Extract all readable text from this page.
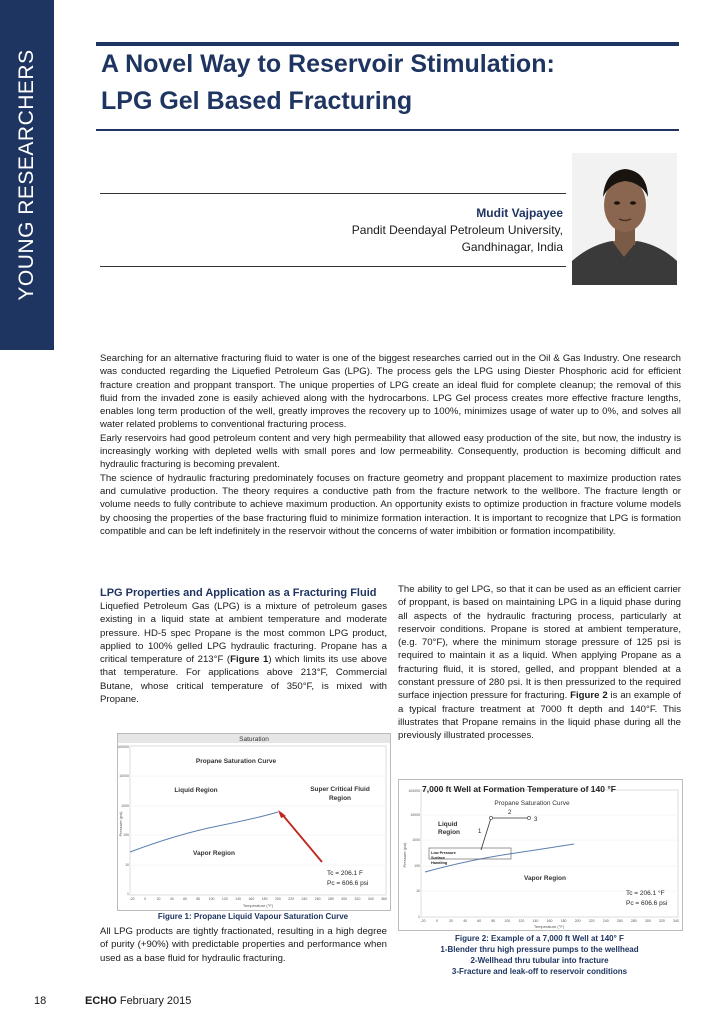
YOUNG RESEARCHERS	A Novel Way to Reservoir Stimulation:
LPG Gel Based Fracturing
Mudit Vajpayee
Pandit Deendayal Petroleum University,
Gandhinagar, India

Searching for an alternative fracturing fluid to water is one of the biggest researches carried out in the Oil & Gas Industry. One research was conducted regarding the Liquefied Petroleum Gas (LPG). The process gels the LPG using Diester Phosphoric acid for efficient fracture creation and proppant transport. The unique properties of LPG create an ideal fluid for complete cleanup; the removal of this fluid from the invaded zone is easily achieved along with the hydrocarbons. LPG Gel process creates more effective fracture lengths, enables long term production of the well, greatly improves the recovery up to 100%, minimizes usage of water up to 0%, and solves all water related problems to conventional fracturing process.

Early reservoirs had good petroleum content and very high permeability that allowed easy production of the site, but now, the industry is increasingly working with depleted wells with small pores and low permeability. Consequently, production is becoming difficult and hydraulic fracturing is becoming prevalent.

The science of hydraulic fracturing predominately focuses on fracture geometry and proppant placement to maximize production rates and cumulative production. The theory requires a conductive path from the fracture network to the wellbore. The fracture length or volume needs to fully contribute to achieve maximum production. An opportunity exists to optimize production in fracture volume models by choosing the properties of the base fracturing fluid to minimize formation interaction. It is important to recognize that LPG is formation compatible and can be left indefinitely in the reservoir without the concerns of water imbibition or formation incompatibility.

LPG Properties and Application as a Fracturing Fluid

Liquefied Petroleum Gas (LPG) is a mixture of petroleum gases existing in a liquid state at ambient temperature and moderate pressure. HD-5 spec Propane is the most common LPG product, applied to 100% gelled LPG hydraulic fracturing. Propane has a critical temperature of 213°F (Figure 1) which limits its use above that temperature. For applications above 213°F, Commercial Butane, whose critical temperature of 350°F, is mixed with Propane.

Saturation
100000
10000
1000
100
10
1
-20	0	20	40	60	80 100 120 140 160 180 200 220 240 260 280 300 320 340 360
Temperature (°F)
Pressure (psi)
Propane Saturation Curve
Liquid Region	Super Critical Fluid
Region
Vapor Region
Tc = 206.1 F
Pc = 606.6 psi
Figure 1: Propane Liquid Vapour Saturation Curve

All LPG products are tightly fractionated, resulting in a high degree of purity (+90%) with predictable properties and performance when used as a base fluid for hydraulic fracturing.

The ability to gel LPG, so that it can be used as an efficient carrier of proppant, is based on maintaining LPG in a liquid phase during all aspects of the hydraulic fracturing process, particularly at reservoir conditions. Propane is stored at ambient temperature, (e.g. 70°F), where the minimum storage pressure of 125 psi is required to maintain it as a liquid. When applying Propane as a fracturing fluid, it is stored, gelled, and proppant blended at a constant pressure of 280 psi. It is then pressurized to the required surface injection pressure for fracturing. Figure 2 is an example of a typical fracture treatment at 7000 ft depth and 140°F. This illustrates that Propane remains in the liquid phase during all the previously illustrated processes.

100000
10000
1000
100
10
1
-20	0	20	40	60	80	100 120 140 160 180 200 220 240 260 280 300 320 340
Temperature (°F)
Pressure (psi)
7,000 ft Well at Formation Temperature of 140 °F
Propane Saturation Curve
Low Pressure
Surface
Handling
Liquid
Region	1
2
3
Vapor Region
Tc = 206.1 °F
Pc = 606.6 psi
Figure 2: Example of a 7,000 ft Well at 140° F
1-Blender thru high pressure pumps to the wellhead
2-Wellhead thru tubular into fracture
3-Fracture and leak-off to reservoir conditions
18	ECHO February 2015
